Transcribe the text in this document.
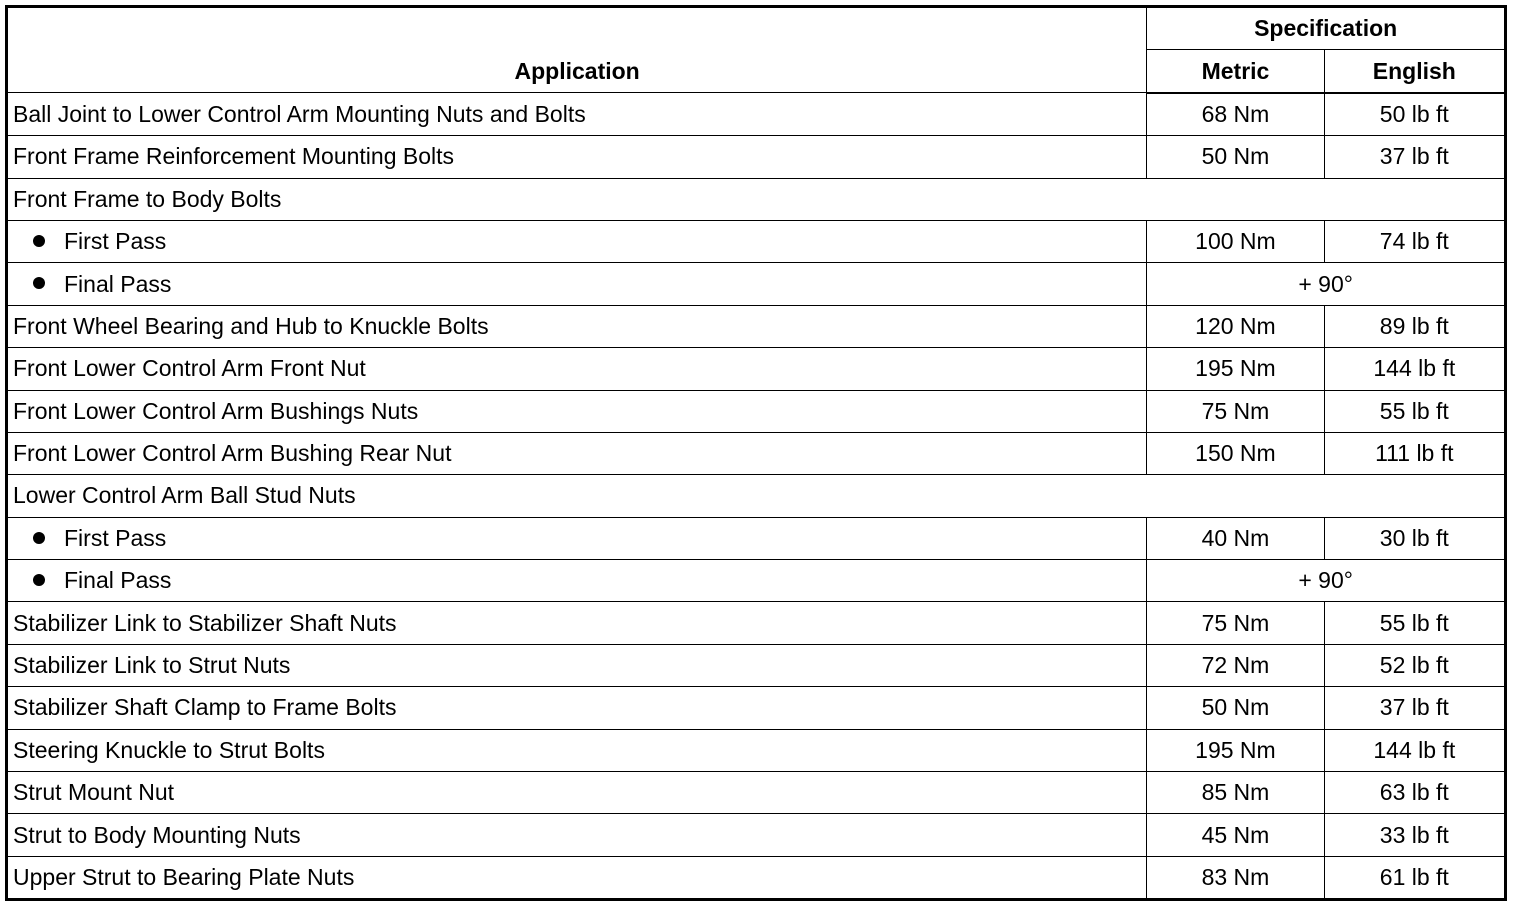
Application	Specification	
	Metric	English
Ball Joint to Lower Control Arm Mounting Nuts and Bolts	68 Nm	50 lb ft
Front Frame Reinforcement Mounting Bolts	50 Nm	37 lb ft
Front Frame to Body Bolts		
First Pass	100 Nm	74 lb ft
Final Pass	+ 90°	
Front Wheel Bearing and Hub to Knuckle Bolts	120 Nm	89 lb ft
Front Lower Control Arm Front Nut	195 Nm	144 lb ft
Front Lower Control Arm Bushings Nuts	75 Nm	55 lb ft
Front Lower Control Arm Bushing Rear Nut	150 Nm	111 lb ft
Lower Control Arm Ball Stud Nuts		
First Pass	40 Nm	30 lb ft
Final Pass	+ 90°	
Stabilizer Link to Stabilizer Shaft Nuts	75 Nm	55 lb ft
Stabilizer Link to Strut Nuts	72 Nm	52 lb ft
Stabilizer Shaft Clamp to Frame Bolts	50 Nm	37 lb ft
Steering Knuckle to Strut Bolts	195 Nm	144 lb ft
Strut Mount Nut	85 Nm	63 lb ft
Strut to Body Mounting Nuts	45 Nm	33 lb ft
Upper Strut to Bearing Plate Nuts	83 Nm	61 lb ft
